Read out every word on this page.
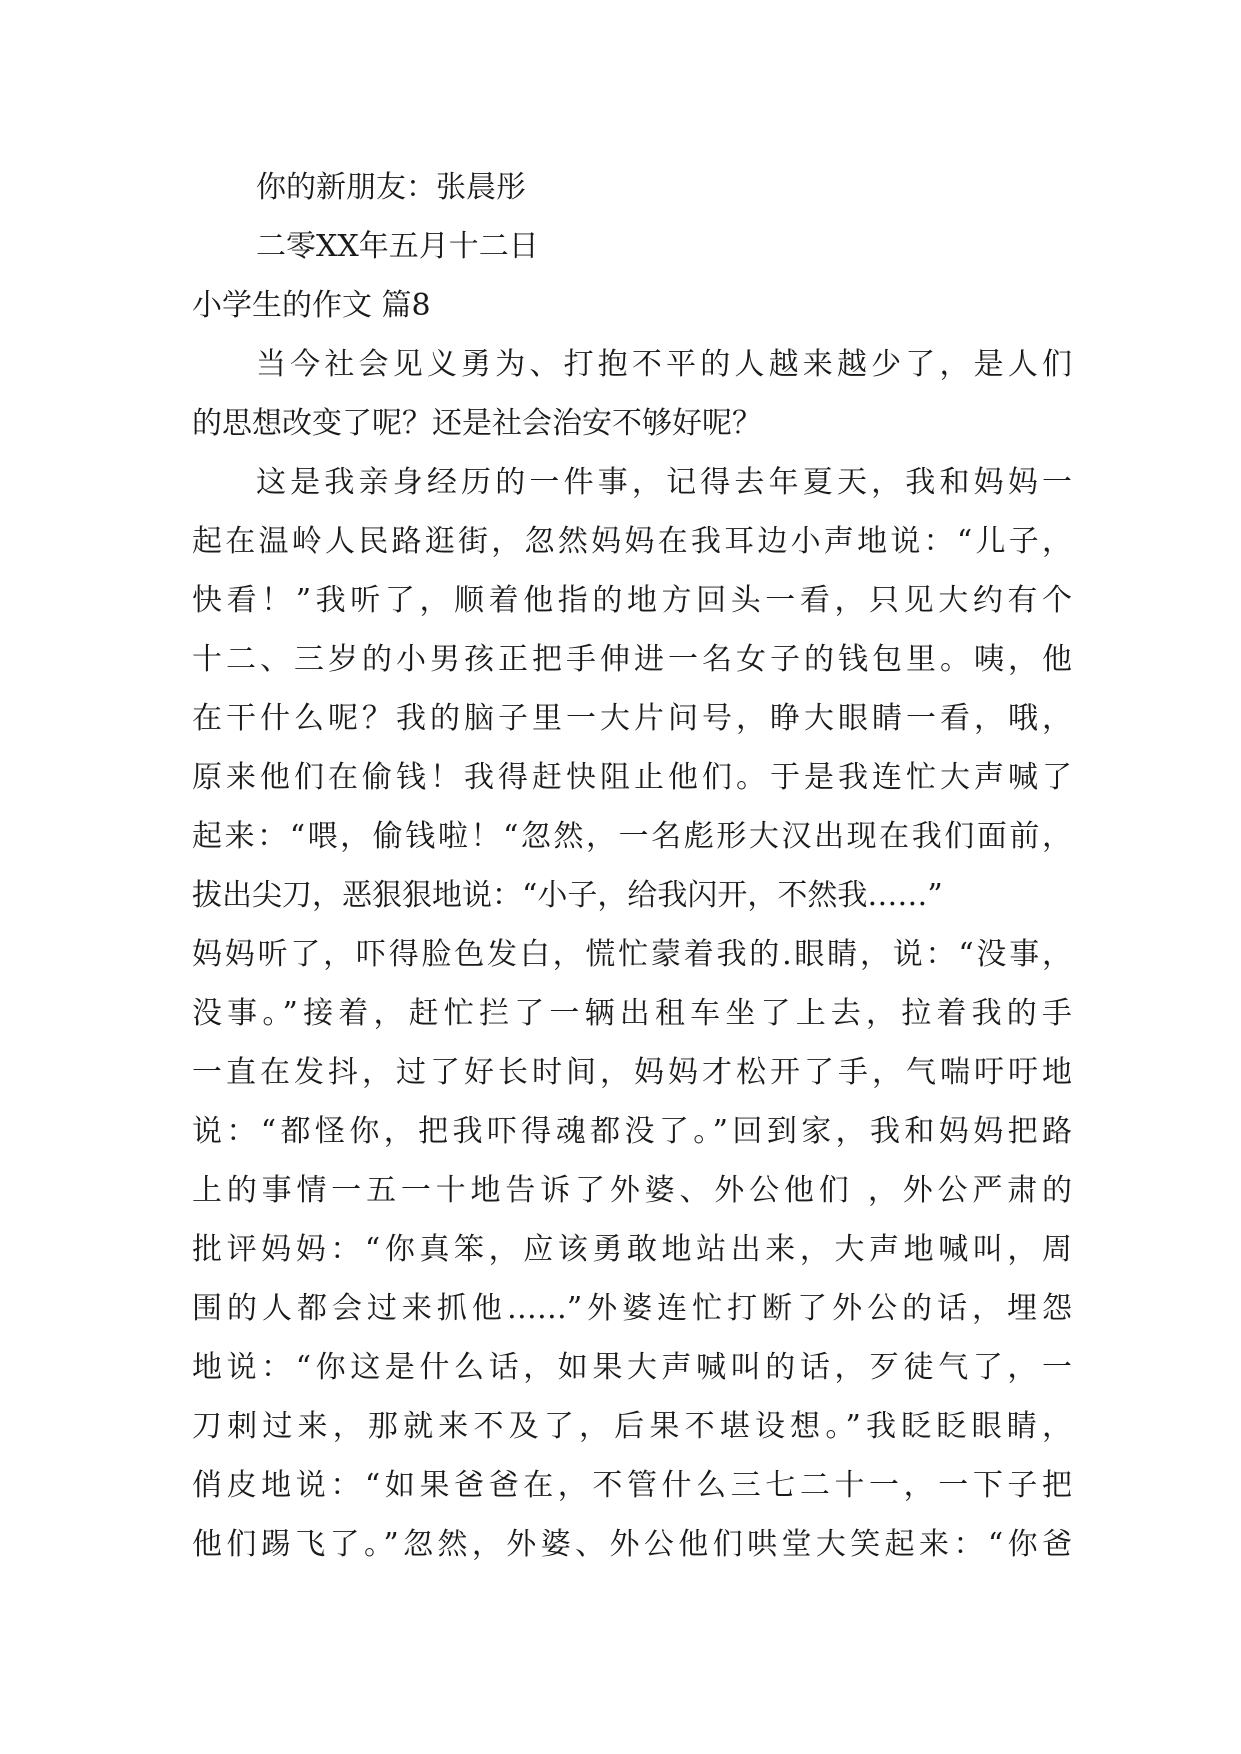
你的新朋友：张晨彤
二零XX年五月十二日
小学生的作文 篇8
当今社会见义勇为、打抱不平的人越来越少了，是人们
的思想改变了呢？还是社会治安不够好呢？
这是我亲身经历的一件事，记得去年夏天，我和妈妈一
起在温岭人民路逛街，忽然妈妈在我耳边小声地说：“儿子，
快看！”我听了，顺着他指的地方回头一看，只见大约有个
十二、三岁的小男孩正把手伸进一名女子的钱包里。咦，他
在干什么呢？我的脑子里一大片问号，睁大眼睛一看，哦，
原来他们在偷钱！我得赶快阻止他们。于是我连忙大声喊了
起来：“喂，偷钱啦！“忽然，一名彪形大汉出现在我们面前，
拔出尖刀，恶狠狠地说：“小子，给我闪开，不然我……”
妈妈听了，吓得脸色发白，慌忙蒙着我的.眼睛，说：“没事，
没事。”接着，赶忙拦了一辆出租车坐了上去，拉着我的手
一直在发抖，过了好长时间，妈妈才松开了手，气喘吁吁地
说：“都怪你，把我吓得魂都没了。”回到家，我和妈妈把路
上的事情一五一十地告诉了外婆、外公他们 ，外公严肃的
批评妈妈：“你真笨，应该勇敢地站出来，大声地喊叫，周
围的人都会过来抓他……”外婆连忙打断了外公的话，埋怨
地说：“你这是什么话，如果大声喊叫的话，歹徒气了，一
刀刺过来，那就来不及了，后果不堪设想。”我眨眨眼睛，
俏皮地说：“如果爸爸在，不管什么三七二十一，一下子把
他们踢飞了。”忽然，外婆、外公他们哄堂大笑起来：“你爸
